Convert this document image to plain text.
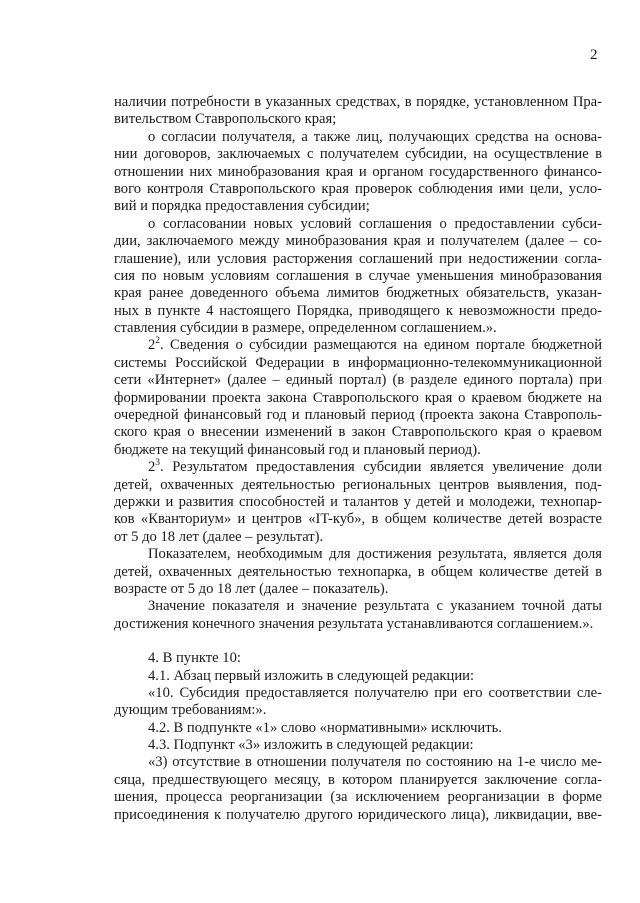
2
наличии потребности в указанных средствах, в порядке, установленном Пра-
вительством Ставропольского края;
о согласии получателя, а также лиц, получающих средства на основа-
нии договоров, заключаемых с получателем субсидии, на осуществление в
отношении них минобразования края и органом государственного финансо-
вого контроля Ставропольского края проверок соблюдения ими цели, усло-
вий и порядка предоставления субсидии;
о согласовании новых условий соглашения о предоставлении субси-
дии, заключаемого между минобразования края и получателем (далее – со-
глашение), или условия расторжения соглашений при недостижении согла-
сия по новым условиям соглашения в случае уменьшения минобразования
края ранее доведенного объема лимитов бюджетных обязательств, указан-
ных в пункте 4 настоящего Порядка, приводящего к невозможности предо-
ставления субсидии в размере, определенном соглашением.».
$2^2$. Сведения о субсидии размещаются на едином портале бюджетной
системы Российской Федерации в информационно-телекоммуникационной
сети «Интернет» (далее – единый портал) (в разделе единого портала) при
формировании проекта закона Ставропольского края о краевом бюджете на
очередной финансовый год и плановый период (проекта закона Ставрополь-
ского края о внесении изменений в закон Ставропольского края о краевом
бюджете на текущий финансовый год и плановый период).
$2^3$. Результатом предоставления субсидии является увеличение доли
детей, охваченных деятельностью региональных центров выявления, под-
держки и развития способностей и талантов у детей и молодежи, технопар-
ков «Кванториум» и центров «IT-куб», в общем количестве детей возрасте
от 5 до 18 лет (далее – результат).
Показателем, необходимым для достижения результата, является доля
детей, охваченных деятельностью технопарка, в общем количестве детей в
возрасте от 5 до 18 лет (далее – показатель).
Значение показателя и значение результата с указанием точной даты
достижения конечного значения результата устанавливаются соглашением.».
4. В пункте 10:
4.1. Абзац первый изложить в следующей редакции:
«10. Субсидия предоставляется получателю при его соответствии сле-
дующим требованиям:».
4.2. В подпункте «1» слово «нормативными» исключить.
4.3. Подпункт «3» изложить в следующей редакции:
«3) отсутствие в отношении получателя по состоянию на 1-е число ме-
сяца, предшествующего месяцу, в котором планируется заключение согла-
шения, процесса реорганизации (за исключением реорганизации в форме
присоединения к получателю другого юридического лица), ликвидации, вве-
